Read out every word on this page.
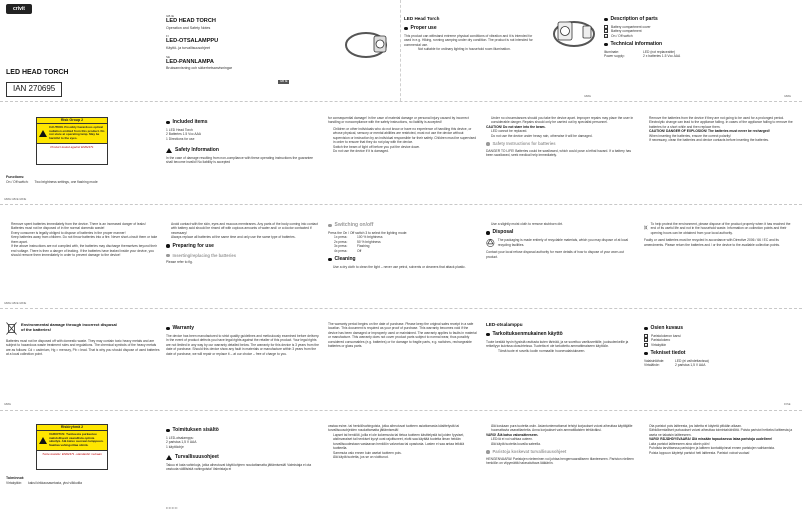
crivit
LED HEAD TORCH
IAN 270695
GB IE
LED HEAD TORCH
Operation and Safety Notes
FI
LED-OTSALAMPPU
Käyttö- ja turvallisuusohjeet
SE
LED-PANNLAMPA
Bruksanvisning och säkerhetsanvisningar
GB IE
LED Head Torch
Proper use
This product can withstand extreme physical conditions of vibration and it is intended for used in e.g. Hiking, running camping under dry condition. The product is not intended for commercial use.
Not suitable for ordinary lighting in household room illumination.
Description of parts
1	Battery compartment cover
2	Battery compartment
3	On / Off switch
Technical information
Illuminate:	LED (not replaceable)
Power supply:	2 x batteries 1.5 Vcc AAA
GB/IE	GB/IE
Risk Group 2
CAUTION. Possibly hazardous optical radiation emitted from this product. Do not stare at operating lamp. May be harmful to the eyes.
Product tested against EN62471
Functions:
On / Off switch: Two brightness settings, one flashing mode
Included items
1 LED Head Torch
2 Batteries 1.5 Vcc AAA
1 Directions for use
Safety Information
In the case of damage resulting from non-compliance with these operating instructions the guarantee shall become invalid! No liability is accepted
for consequential damage! In the case of material damage or personal injury caused by incorrect handling or noncompliance with the safety instructions, no liability is accepted!
Children or other individuals who do not know or have no experience of handling this device, or whose physical, sensory or mental abilities are restricted, must not use the device without supervision or instruction by an individual responsible for their safety. Children must be supervised in order to ensure that they do not play with the device.
Switch the beam of light off before you put the device down.
Do not use the device if it is damaged.
Under no circumstances should you take the device apart. Improper repairs may place the user in considerable danger. Repairs should only be carried out by specialist personnel.
CAUTION! Do not stare into the beam.
LED cannot be replaced.
Do not use the device under heavy rain, otherwise it will be damaged.
Safety Instructions for batteries
DANGER TO LIFE! Batteries could be swallowed, which could pose a lethal hazard. If a battery has been swallowed, seek medical help immediately.
Remove the batteries from the device if they are not going to be used for a prolonged period.
Electrolytic change can lead to the appliance failing. In cases of the appliance failing to remove the batteries for a short while and then replace them.
CAUTION! DANGER OF EXPLOSION! The batteries must never be recharged!
When inserting the batteries, ensure the correct polarity!
If necessary, clean the batteries and device contacts before inserting the batteries.
GB/IE GB/IE GB/IE
Remove spent batteries immediately from the device. There is an increased danger of leaks!
Batteries must not be disposed of in the normal domestic waste!
Every consumer is legally obliged to dispose of batteries in the proper manner!
Keep batteries away from children. Do not throw batteries into a fire. Never short-circuit them or take them apart.
If the above instructions are not complied with, the batteries may discharge themselves beyond their end voltage. There is then a danger of leaking. If the batteries have leaked inside your device, you should remove them immediately in order to prevent damage to the device!
Avoid contact with the skin, eyes and mucous membranes. Any parts of the body coming into contact with battery acid should be rinsed off with copious amounts of water and/ or a doctor contacted if necessary!
Always replace all batteries at the same time and only use the same type of batteries.
Preparing for use
Inserting/replacing the batteries
Please refer to fig.
Switching on/off
Press the On / Off switch 3 to select the lighting mode:
1x press:	100 % brightness
2x press:	50 % brightness
3x press:	Flashing
4x press:	Off
Cleaning
Use a dry cloth to clean the light – never use petrol, solvents or cleaners that attack plastic.
Use a slightly moist cloth to remove stubborn dirt.
Disposal
The packaging is made entirely of recyclable materials, which you may dispose of at local recycling facilities.
Contact your local refuse disposal authority for more details of how to dispose of your worn-out product.
To help protect the environment, please dispose of the product properly when it has reached the end of its useful life and not in the household waste. Information on collection points and their opening hours can be obtained from your local authority.
Faulty or used batteries must be recycled in accordance with Directive 2006 / 66 / EC and its amendments. Please return the batteries and / or the device to the available collection points.
GB/IE GB/IE GB/IE
Environmental damage through incorrect disposal of the batteries!
Batteries must not be disposed off with domestic waste. They may contain toxic heavy metals and are subject to hazardous waste treatment rules and regulations. The chemical symbols of the heavy metals are as follows: Cd = cadmium, Hg = mercury, Pb = lead. That is why you should dispose of used batteries at a local collection point.
Warranty
The device has been manufactured to strict quality guidelines and meticulously examined before delivery. In the event of product defects you have legal rights against the retailer of this product. Your legal rights are not limited in any way by our warranty detailed below. The warranty for this device is 3 years from the date of purchase. Should this device show any fault in materials or manufacture within 3 years from the date of purchase, we will repair or replace it – at our choice – free of charge to you.
The warranty period begins on the date of purchase. Please keep the original sales receipt in a safe location. This document is required as your proof of purchase. This warranty becomes void if the device has been damaged or improperly used or maintained. The warranty applies to faults in material or manufacture. This warranty does not cover product parts subject to normal wear, thus possibly considered consumables (e.g. batteries) or for damage to fragile parts, e.g. switches, rechargeable batteries or glass parts.
LED-otsalamppu
Tarkoituksenmukainen käyttö
Tuote kestää hyvin fyysistä rasitusta kuten tärinää, ja se soveltuu vaellusretkille, juoksulenkeille ja retkeilyyn kuivissa olosuhteissa. Tuotetta ei ole tarkoitettu ammattimaiseen käyttöön.
Tämä tuote ei sovellu kodin normaaliin huonevalaistukseen.
Osien kuvaus
1	Paristolokeron kansi
2	Paristolokero
3	Virtakytkin
Tekniset tiedot
Valaisinlähde:	LED (ei vaihdettavissa)
Virtalähde:	2 paristoa 1,5 V AAA
GB/IE	FI/SE
Riskiryhmä 2
VAROITUS: Tuotteesta purkautuu mahdollisesti vaarallista optista säteilyä. Älä katso suoraan lamppuun. Saattaa vahingoittaa silmiä.
Tuote testattu: EN62471 -standardin mukaan
Toiminnot:
Virtakytkin: kaksi kirkkausasetusta, yksi vilkkutila
Toimituksen sisältö
1 LED-otsalamppu
2 paristoa 1,5 V AAA
1 käyttöohje
Turvallisuusohjeet
Takuu ei kata vahinkoja, jotka aiheutuvat käyttöohjeen noudattamatta jättämisestä! Valmistaja ei ota vastuuta välillisistä vahingoista! Valmistaja ei
vastaa esine- tai henkilövahingoista, jotka aiheutuvat tuotteen asiattomasta käsittelystä tai turvallisuusohjeiden noudattamatta jättämisestä!
Lapset tai henkilöt, joilla ei ole kokemusta tai tietoa tuotteen käsittelystä tai joiden fyysiset, aistinvaraiset tai henkiset kyvyt ovat rajoittuneet, eivät saa käyttää tuotetta ilman heidän turvallisuudestaan vastaavan henkilön valvontaa tai opastusta. Lasten ei saa antaa leikkiä tuotteella.
Sammuta valo ennen kuin asetat tuotteen pois.
Älä käytä tuotetta, jos se on vioittunut.
Älä koskaan pura tuotetta osiin. Asiantuntemattomat tehdyt korjaukset voivat aiheuttaa käyttäjälle huomattavia vaaratilanteita. Anna korjaukset vain ammattilaisten tehtäväksi.
VARO! Älä katso valonsäteeseen.
LED:iä ei voi vaihtaa uuteen.
Älä käytä tuotetta kovalla sateella.
Paristoja koskevat turvallisuusohjeet
HENGENVAARA! Paristojen nieleminen voi johtaa hengenvaaralliseen tilanteeseen. Pariston nielleen henkilön on viipymättä hakeuduttava lääkäriin.
Ota paristot pois laitteesta, jos laitetta ei käytetä pitkään aikaan.
Sähkökemialliset purkaukset voivat aiheuttaa toimintahäiriöitä. Poista paristot hetkeksi laitteesta ja aseta ne takaisin laitteeseen.
VARO! RÄJÄHDYSVAARA! Älä missään tapauksessa lataa paristoja uudelleen!
Laita paristot laitteeseen aina oikein päin!
Puhdista tarvittaessa paristojen ja laitteen kontaktipinnat ennen paristojen vaihtamista.
Poista loppuun käytetyt paristot heti laitteesta. Paristot voivat vuotaa!
FI FI FI FI
